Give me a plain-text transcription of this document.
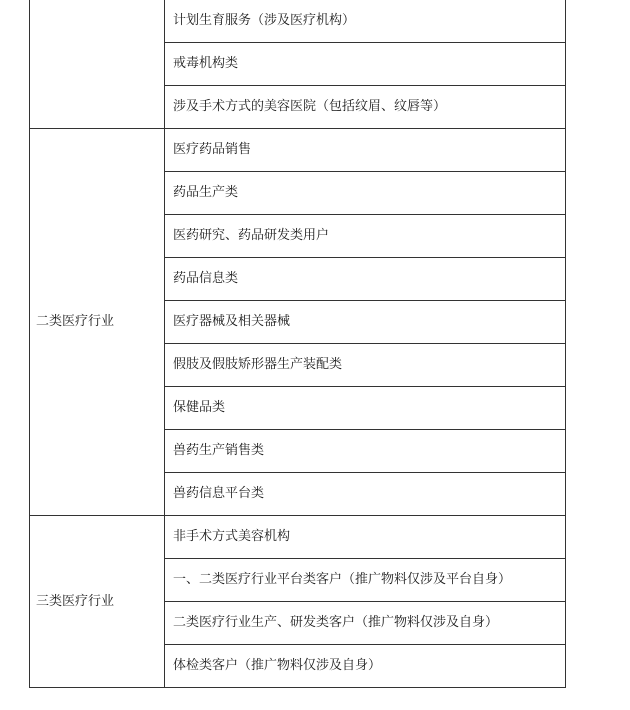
	计划生育服务（涉及医疗机构）
	戒毒机构类
	涉及手术方式的美容医院（包括纹眉、纹唇等）
二类医疗行业	医疗药品销售
	药品生产类
	医药研究、药品研发类用户
	药品信息类
	医疗器械及相关器械
	假肢及假肢矫形器生产装配类
	保健品类
	兽药生产销售类
	兽药信息平台类
三类医疗行业	非手术方式美容机构
	一、二类医疗行业平台类客户（推广物料仅涉及平台自身）
	二类医疗行业生产、研发类客户（推广物料仅涉及自身）
	体检类客户（推广物料仅涉及自身）
